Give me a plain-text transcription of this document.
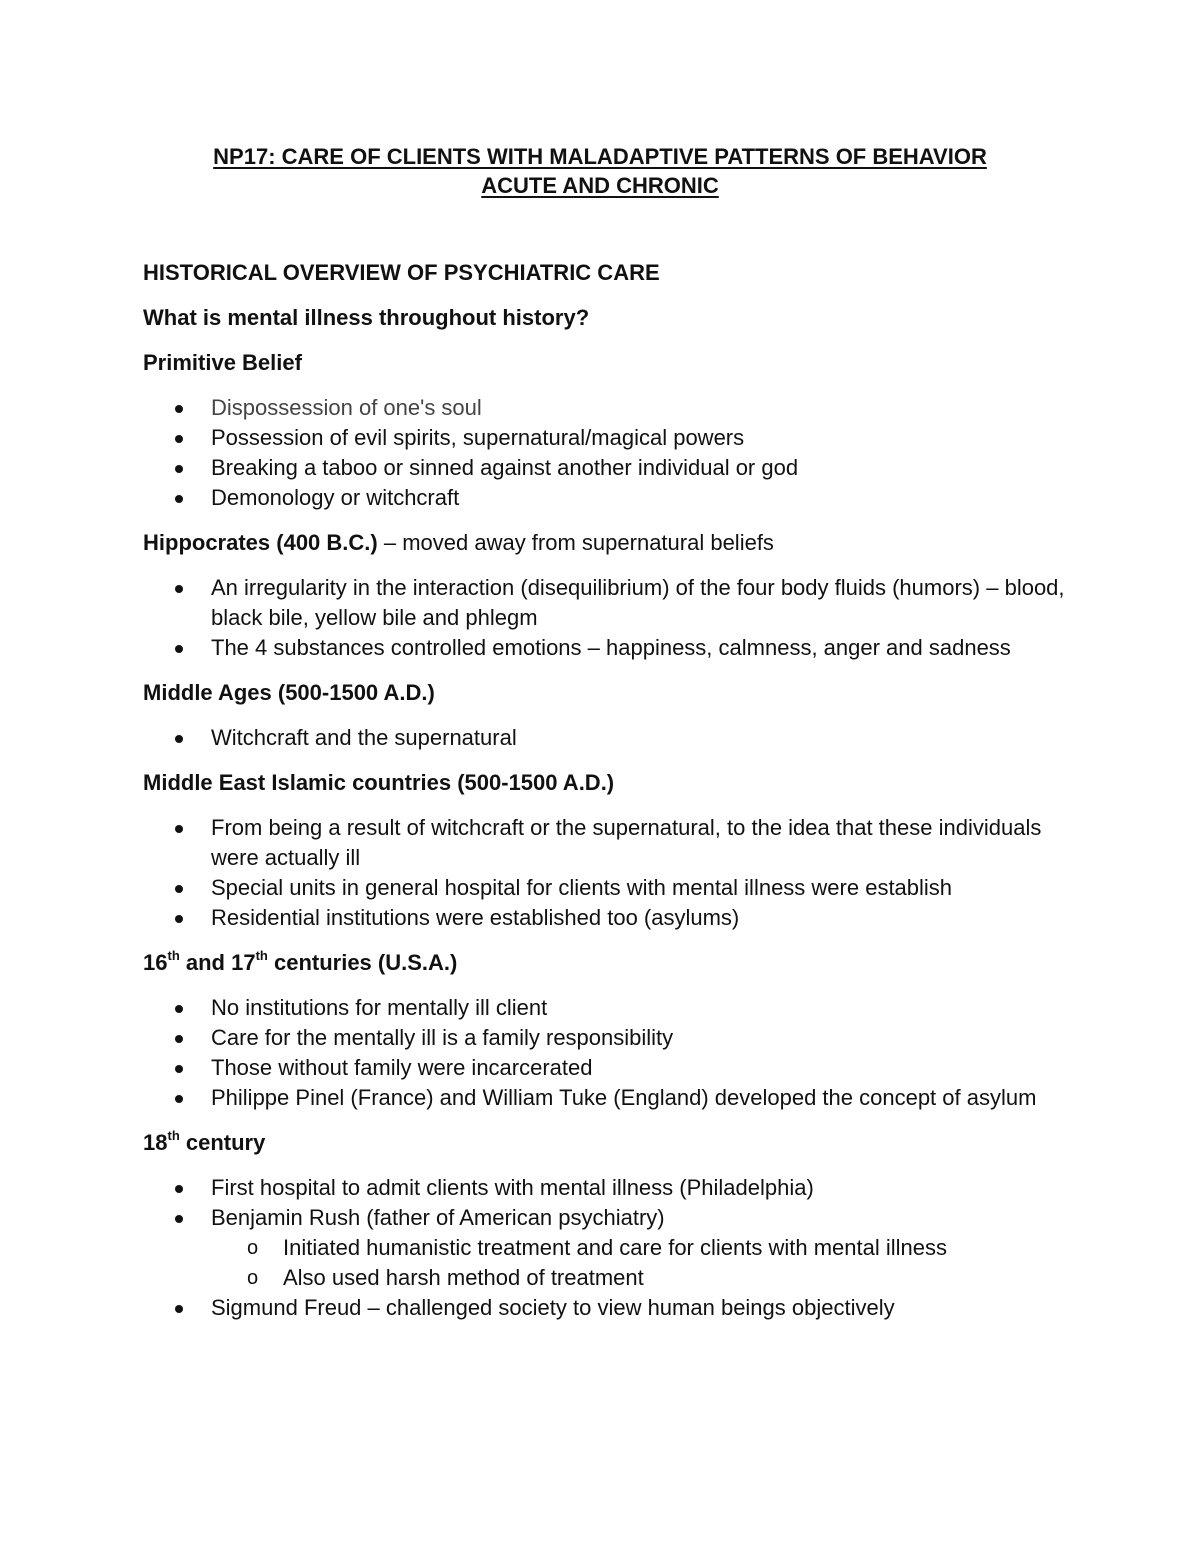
NP17: CARE OF CLIENTS WITH MALADAPTIVE PATTERNS OF BEHAVIOR
ACUTE AND CHRONIC
HISTORICAL OVERVIEW OF PSYCHIATRIC CARE
What is mental illness throughout history?
Primitive Belief
Dispossession of one's soul
Possession of evil spirits, supernatural/magical powers
Breaking a taboo or sinned against another individual or god
Demonology or witchcraft
Hippocrates (400 B.C.) – moved away from supernatural beliefs
An irregularity in the interaction (disequilibrium) of the four body fluids (humors) – blood, black bile, yellow bile and phlegm
The 4 substances controlled emotions – happiness, calmness, anger and sadness
Middle Ages (500-1500 A.D.)
Witchcraft and the supernatural
Middle East Islamic countries (500-1500 A.D.)
From being a result of witchcraft or the supernatural, to the idea that these individuals were actually ill
Special units in general hospital for clients with mental illness were establish
Residential institutions were established too (asylums)
16th and 17th centuries (U.S.A.)
No institutions for mentally ill client
Care for the mentally ill is a family responsibility
Those without family were incarcerated
Philippe Pinel (France) and William Tuke (England) developed the concept of asylum
18th century
First hospital to admit clients with mental illness (Philadelphia)
Benjamin Rush (father of American psychiatry)
o Initiated humanistic treatment and care for clients with mental illness
o Also used harsh method of treatment
Sigmund Freud – challenged society to view human beings objectively
